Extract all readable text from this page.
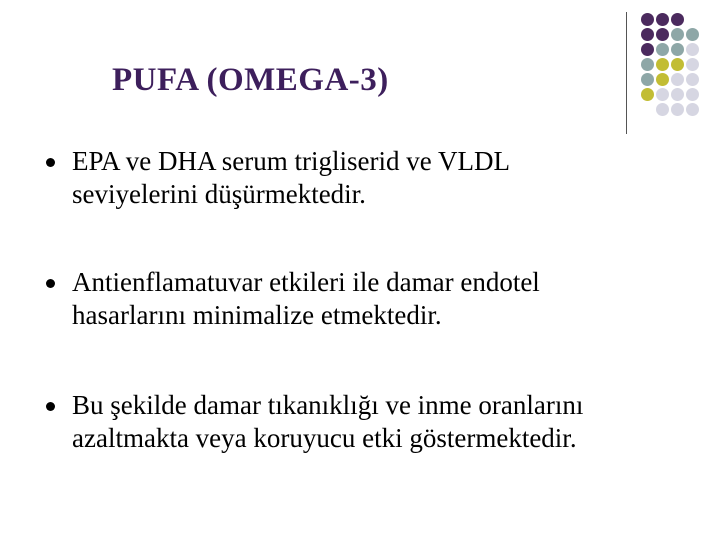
PUFA (OMEGA-3)
EPA ve DHA serum trigliserid ve VLDL
seviyelerini düşürmektedir.
Antienflamatuvar etkileri ile damar endotel
hasarlarını minimalize etmektedir.
Bu şekilde damar tıkanıklığı ve inme oranlarını
azaltmakta veya koruyucu etki göstermektedir.
